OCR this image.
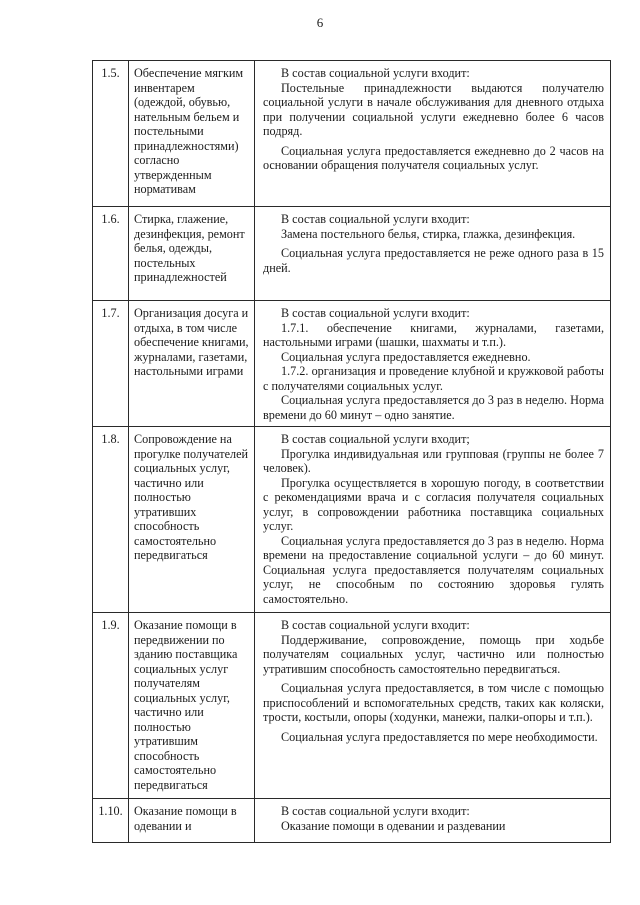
6
1.5.	Обеспечение мягким инвентарем (одеждой, обувью, нательным бельем и постельными принадлежностями) согласно утвержденным нормативам	В состав социальной услуги входит:

Постельные принадлежности выдаются получателю социальной услуги в начале обслуживания для дневного отдыха при получении социальной услуги ежедневно более 6 часов подряд.

Социальная услуга предоставляется ежедневно до 2 часов на основании обращения получателя социальных услуг.

1.6.	Стирка, глажение, дезинфекция, ремонт белья, одежды, постельных принадлежностей	В состав социальной услуги входит:

Замена постельного белья, стирка, глажка, дезинфекция.

Социальная услуга предоставляется не реже одного раза в 15 дней.

1.7.	Организация досуга и отдыха, в том числе обеспечение книгами, журналами, газетами, настольными играми	В состав социальной услуги входит:

1.7.1. обеспечение книгами, журналами, газетами, настольными играми (шашки, шахматы и т.п.).

Социальная услуга предоставляется ежедневно.

1.7.2. организация и проведение клубной и кружковой работы с получателями социальных услуг.

Социальная услуга предоставляется до 3 раз в неделю. Норма времени до 60 минут – одно занятие.

1.8.	Сопровождение на прогулке получателей социальных услуг, частично или полностью утративших способность самостоятельно передвигаться	В состав социальной услуги входит;

Прогулка индивидуальная или групповая (группы не более 7 человек).

Прогулка осуществляется в хорошую погоду, в соответствии с рекомендациями врача и с согласия получателя социальных услуг, в сопровождении работника поставщика социальных услуг.

Социальная услуга предоставляется до 3 раз в неделю. Норма времени на предоставление социальной услуги – до 60 минут. Социальная услуга предоставляется получателям социальных услуг, не способным по состоянию здоровья гулять самостоятельно.

1.9.	Оказание помощи в передвижении по зданию поставщика социальных услуг получателям социальных услуг, частично или полностью утратившим способность самостоятельно передвигаться	В состав социальной услуги входит:

Поддерживание, сопровождение, помощь при ходьбе получателям социальных услуг, частично или полностью утратившим способность самостоятельно передвигаться.

Социальная услуга предоставляется, в том числе с помощью приспособлений и вспомогательных средств, таких как коляски, трости, костыли, опоры (ходунки, манежи, палки-опоры и т.п.).

Социальная услуга предоставляется по мере необходимости.

1.10.	Оказание помощи в одевании и	В состав социальной услуги входит:

Оказание помощи в одевании и раздевании
